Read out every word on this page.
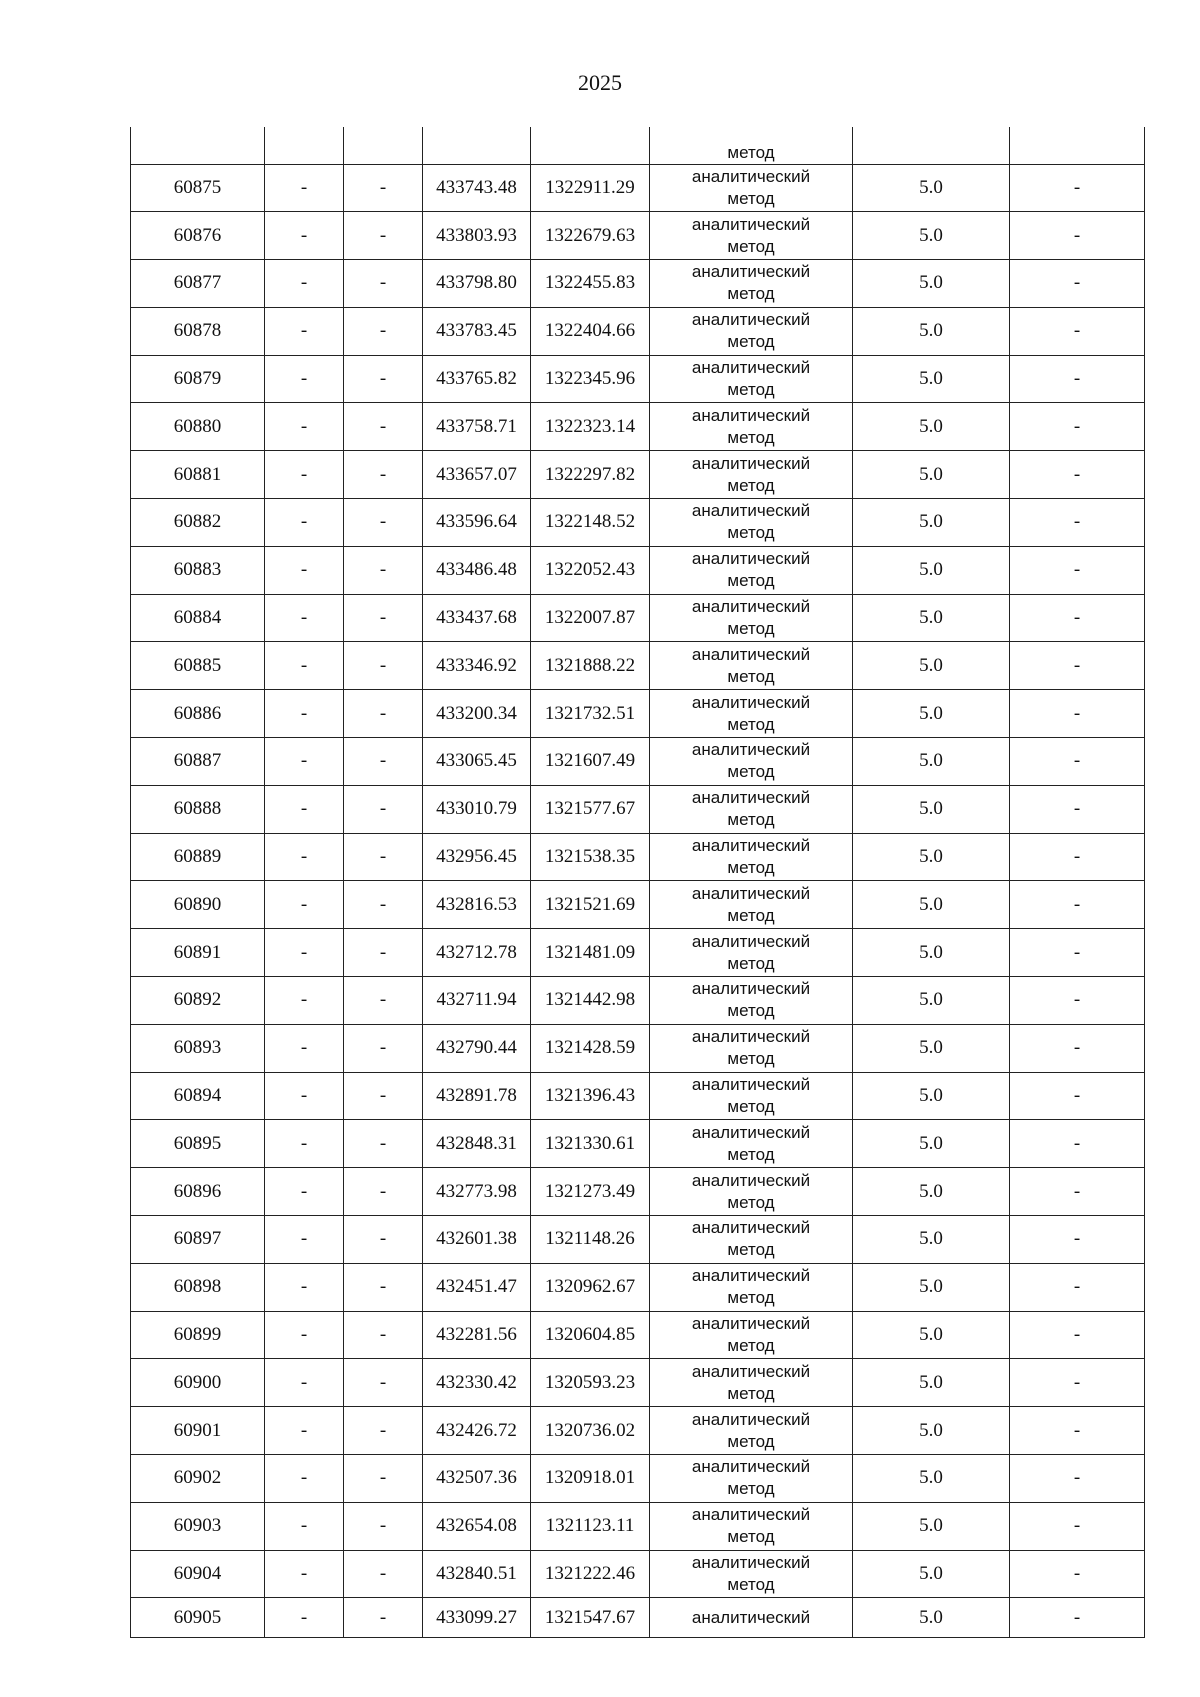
2025
					метод		
60875	-	-	433743.48	1322911.29	аналитический
метод	5.0	-
60876	-	-	433803.93	1322679.63	аналитический
метод	5.0	-
60877	-	-	433798.80	1322455.83	аналитический
метод	5.0	-
60878	-	-	433783.45	1322404.66	аналитический
метод	5.0	-
60879	-	-	433765.82	1322345.96	аналитический
метод	5.0	-
60880	-	-	433758.71	1322323.14	аналитический
метод	5.0	-
60881	-	-	433657.07	1322297.82	аналитический
метод	5.0	-
60882	-	-	433596.64	1322148.52	аналитический
метод	5.0	-
60883	-	-	433486.48	1322052.43	аналитический
метод	5.0	-
60884	-	-	433437.68	1322007.87	аналитический
метод	5.0	-
60885	-	-	433346.92	1321888.22	аналитический
метод	5.0	-
60886	-	-	433200.34	1321732.51	аналитический
метод	5.0	-
60887	-	-	433065.45	1321607.49	аналитический
метод	5.0	-
60888	-	-	433010.79	1321577.67	аналитический
метод	5.0	-
60889	-	-	432956.45	1321538.35	аналитический
метод	5.0	-
60890	-	-	432816.53	1321521.69	аналитический
метод	5.0	-
60891	-	-	432712.78	1321481.09	аналитический
метод	5.0	-
60892	-	-	432711.94	1321442.98	аналитический
метод	5.0	-
60893	-	-	432790.44	1321428.59	аналитический
метод	5.0	-
60894	-	-	432891.78	1321396.43	аналитический
метод	5.0	-
60895	-	-	432848.31	1321330.61	аналитический
метод	5.0	-
60896	-	-	432773.98	1321273.49	аналитический
метод	5.0	-
60897	-	-	432601.38	1321148.26	аналитический
метод	5.0	-
60898	-	-	432451.47	1320962.67	аналитический
метод	5.0	-
60899	-	-	432281.56	1320604.85	аналитический
метод	5.0	-
60900	-	-	432330.42	1320593.23	аналитический
метод	5.0	-
60901	-	-	432426.72	1320736.02	аналитический
метод	5.0	-
60902	-	-	432507.36	1320918.01	аналитический
метод	5.0	-
60903	-	-	432654.08	1321123.11	аналитический
метод	5.0	-
60904	-	-	432840.51	1321222.46	аналитический
метод	5.0	-
60905	-	-	433099.27	1321547.67	аналитический	5.0	-
